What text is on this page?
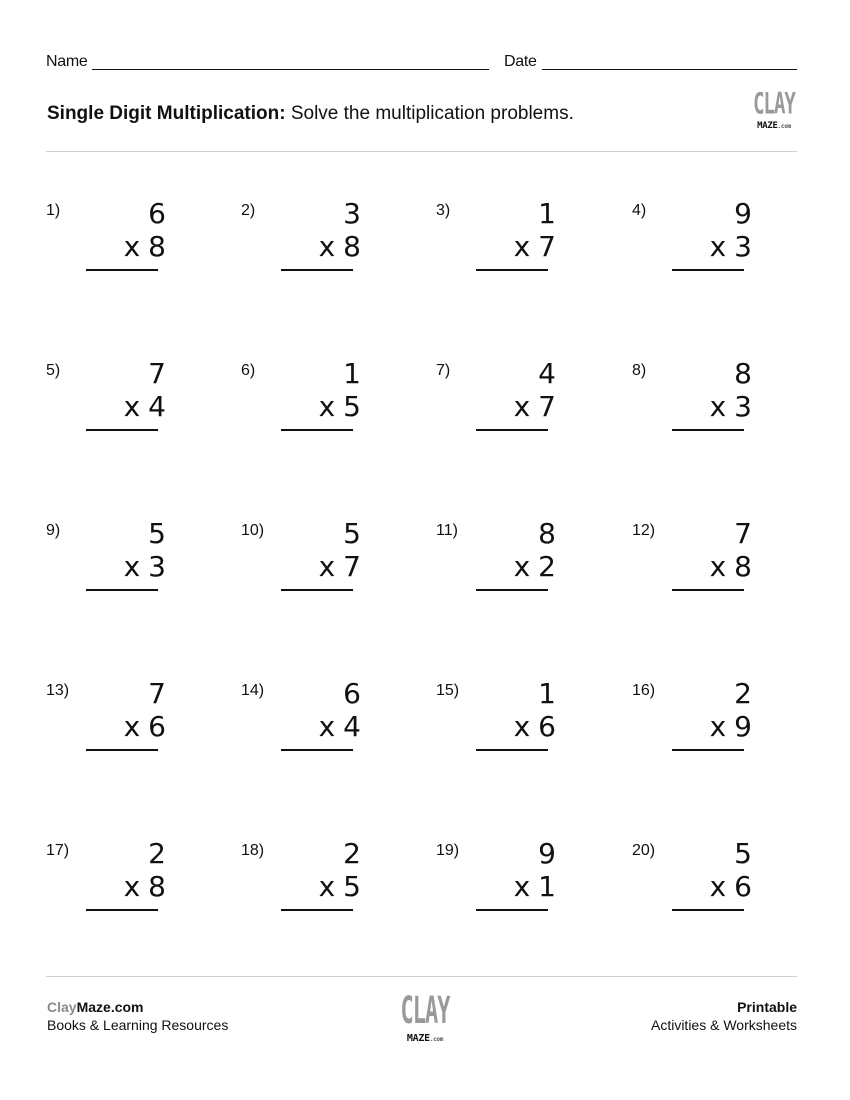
Name	Date
Single Digit Multiplication: Solve the multiplication problems.	CLAY
MAZE.com
1)	6
x 8
2)	3
x 8
3)	1
x 7
4)	9
x 3
5)	7
x 4
6)	1
x 5
7)	4
x 7
8)	8
x 3
9)	5
x 3
10)	5
x 7
11)	8
x 2
12)	7
x 8
13)	7
x 6
14)	6
x 4
15)	1
x 6
16)	2
x 9
17)	2
x 8
18)	2
x 5
19)	9
x 1
20)	5
x 6
ClayMaze.com
Books & Learning Resources	CLAY
MAZE.com
Printable
Activities & Worksheets
